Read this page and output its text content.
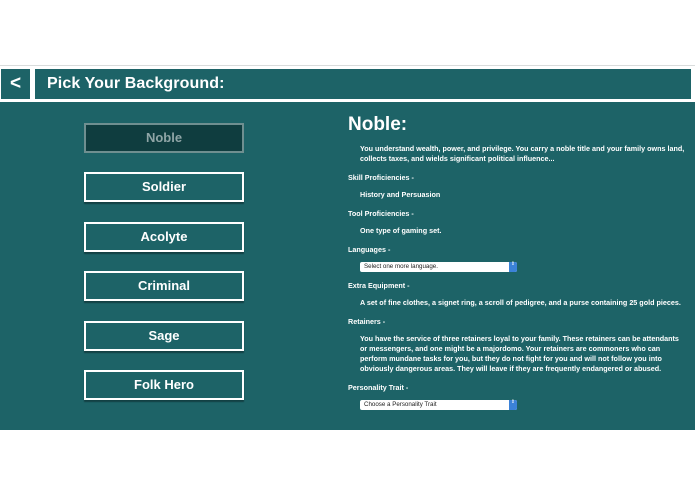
<	Pick Your Background:
Noble
Soldier
Acolyte
Criminal
Sage
Folk Hero
Noble:

You understand wealth, power, and privilege. You carry a noble title and your family owns land, collects taxes, and wields significant political influence...

Skill Proficiencies -

History and Persuasion

Tool Proficiencies -

One type of gaming set.

Languages -
Select one more language.	⇕
Extra Equipment -

A set of fine clothes, a signet ring, a scroll of pedigree, and a purse containing 25 gold pieces.

Retainers -

You have the service of three retainers loyal to your family. These retainers can be attendants or messengers, and one might be a majordomo. Your retainers are commoners who can perform mundane tasks for you, but they do not fight for you and will not follow you into obviously dangerous areas. They will leave if they are frequently endangered or abused.

Personality Trait -
Choose a Personality Trait	⇕
